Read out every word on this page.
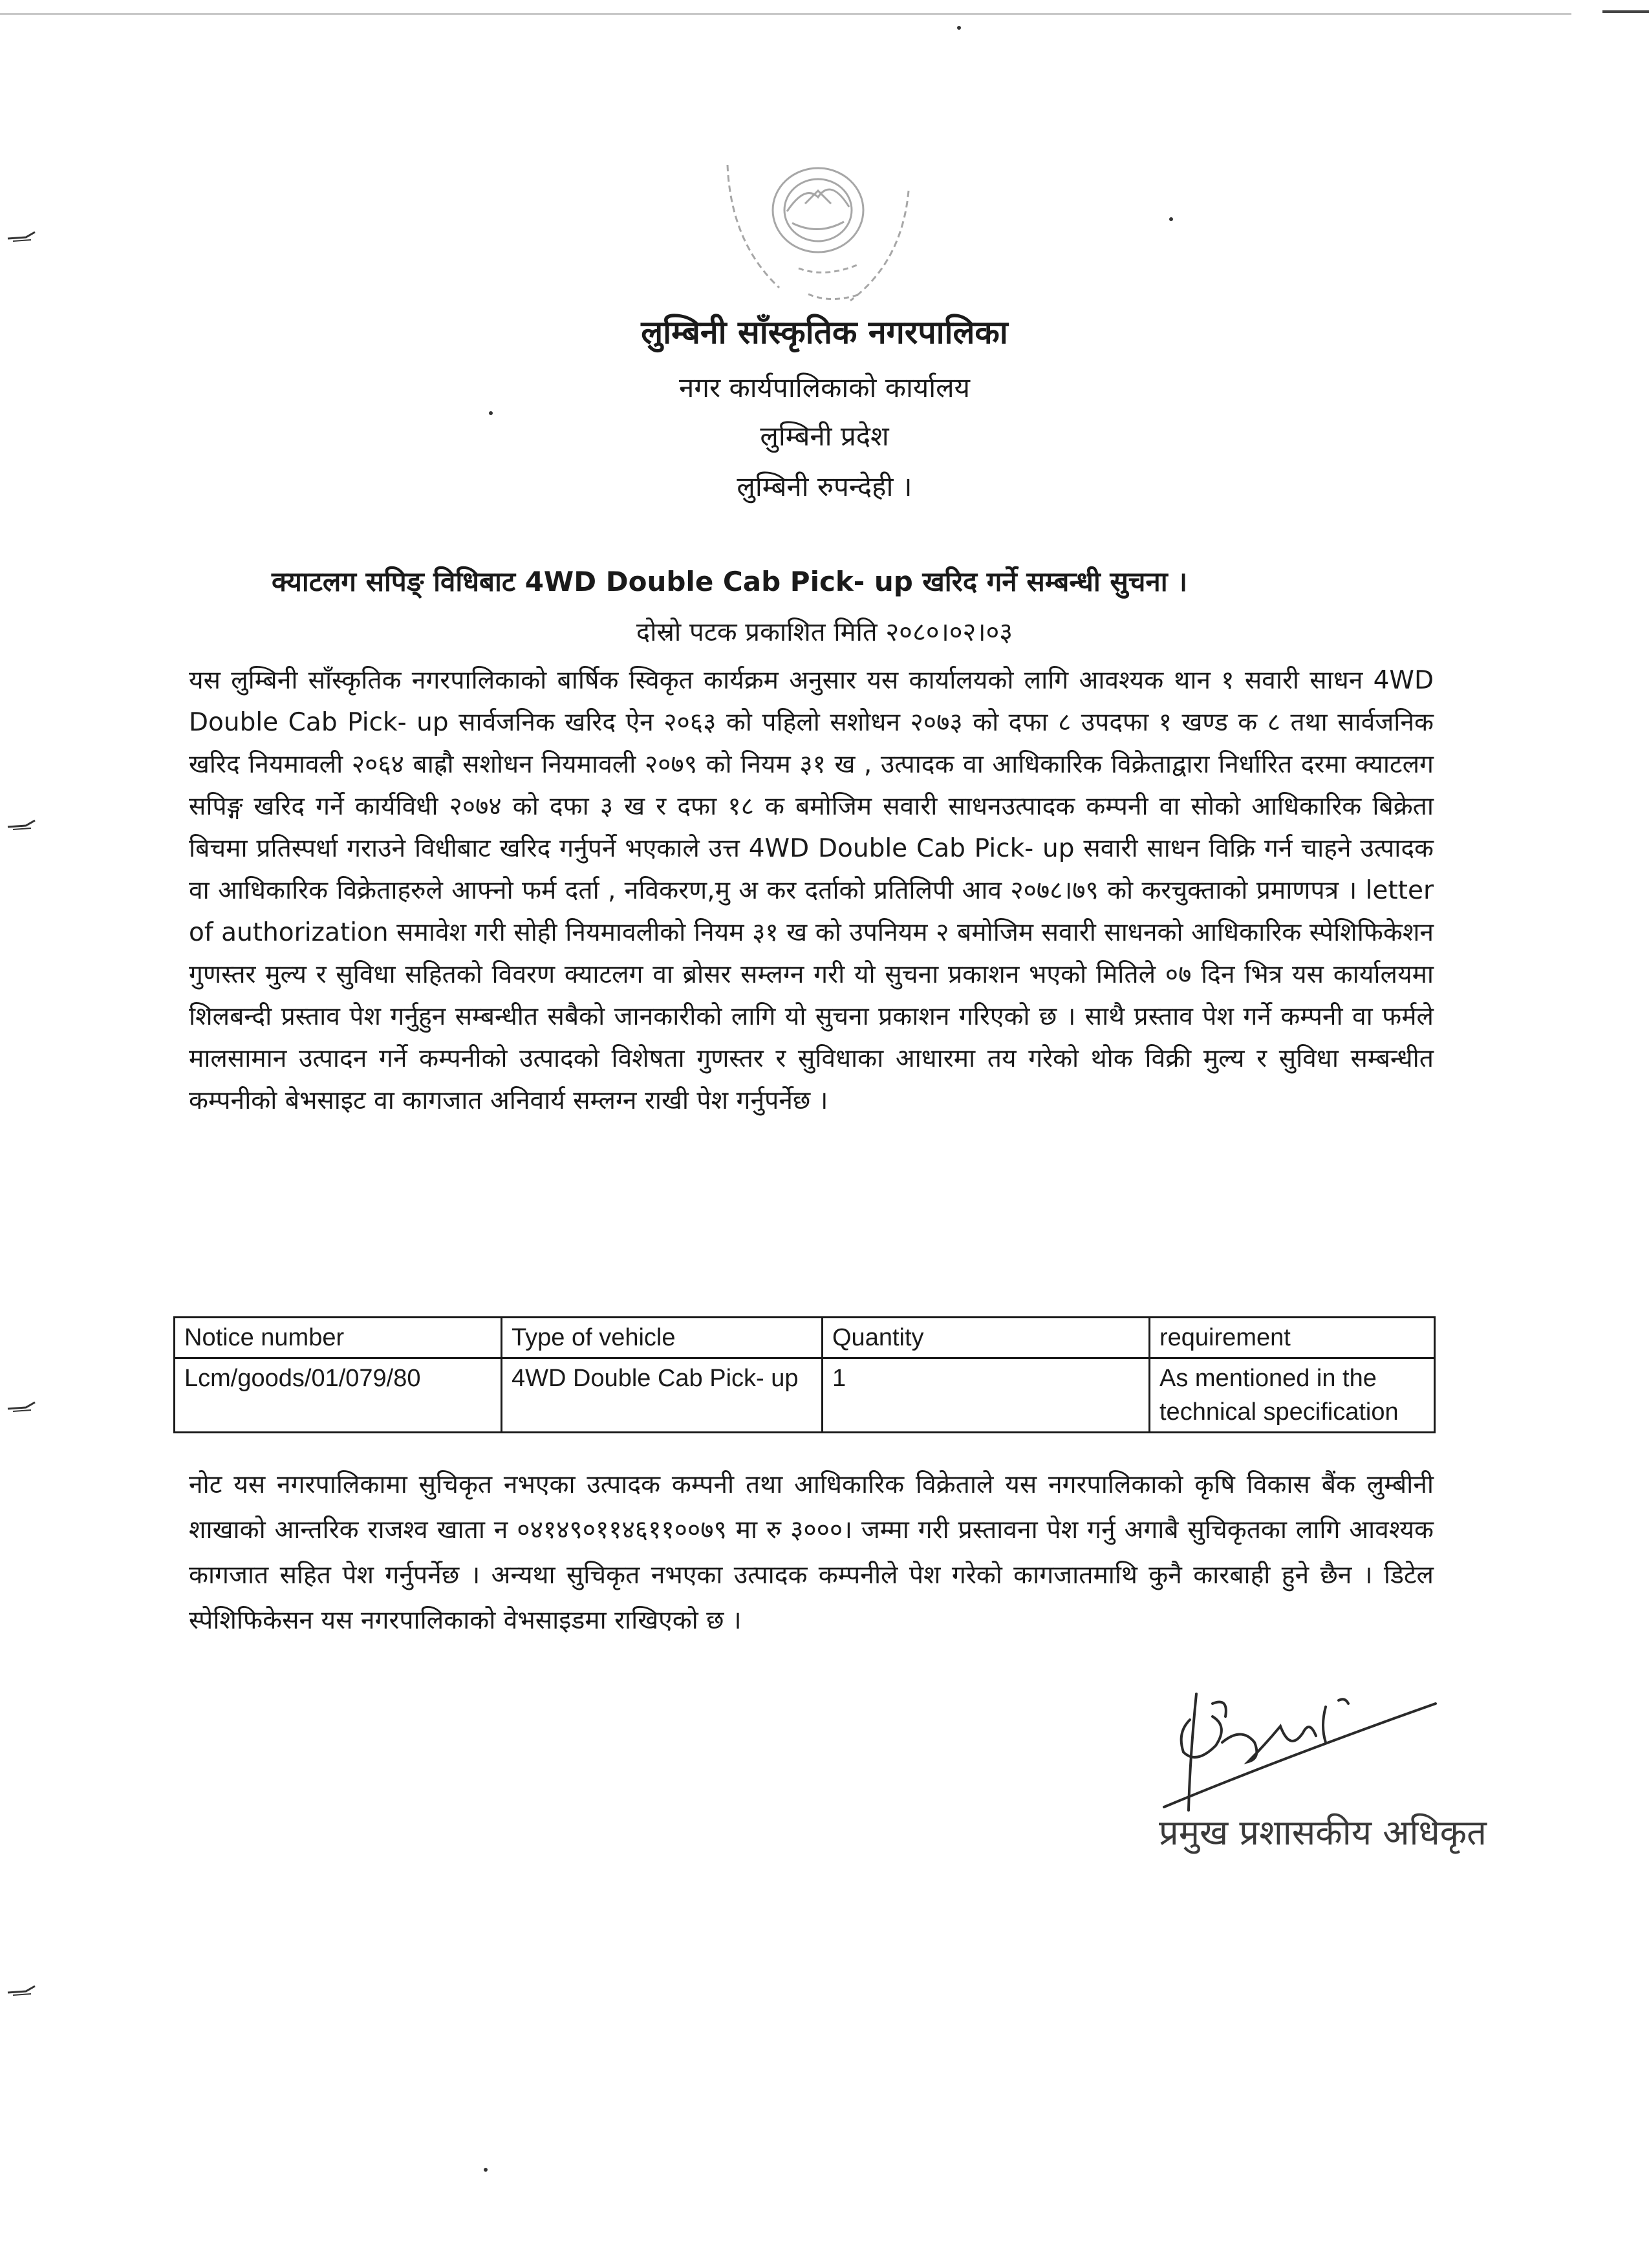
लुम्बिनी साँस्कृतिक नगरपालिका
नगर कार्यपालिकाको कार्यालय
लुम्बिनी प्रदेश
लुम्बिनी रुपन्देही ।
क्याटलग सपिङ् विधिबाट 4WD Double Cab Pick- up खरिद गर्ने सम्बन्धी सुचना ।
दोस्रो पटक प्रकाशित मिति २०८०।०२।०३

यस लुम्बिनी साँस्कृतिक नगरपालिकाको बार्षिक स्विकृत कार्यक्रम अनुसार यस कार्यालयको लागि आवश्यक थान १ सवारी साधन 4WD Double Cab Pick- up सार्वजनिक खरिद ऐन २०६३ को पहिलो सशोधन २०७३ को दफा ८ उपदफा १ खण्ड क ८ तथा सार्वजनिक खरिद नियमावली २०६४ बाह्रौ सशोधन नियमावली २०७९ को नियम ३१ ख , उत्पादक वा आधिकारिक विक्रेताद्वारा निर्धारित दरमा क्याटलग सपिङ्ग खरिद गर्ने कार्यविधी २०७४ को दफा ३ ख र दफा १८ क बमोजिम सवारी साधनउत्पादक कम्पनी वा सोको आधिकारिक बिक्रेता बिचमा प्रतिस्पर्धा गराउने विधीबाट खरिद गर्नुपर्ने भएकाले उत्त 4WD Double Cab Pick- up सवारी साधन विक्रि गर्न चाहने उत्पादक वा आधिकारिक विक्रेताहरुले आफ्नो फर्म दर्ता , नविकरण,मु अ कर दर्ताको प्रतिलिपी आव २०७८।७९ को करचुक्ताको प्रमाणपत्र । letter of authorization समावेश गरी सोही नियमावलीको नियम ३१ ख को उपनियम २ बमोजिम सवारी साधनको आधिकारिक स्पेशिफिकेशन गुणस्तर मुल्य र सुविधा सहितको विवरण क्याटलग वा ब्रोसर सम्लग्न गरी यो सुचना प्रकाशन भएको मितिले ०७ दिन भित्र यस कार्यालयमा शिलबन्दी प्रस्ताव पेश गर्नुहुन सम्बन्धीत सबैको जानकारीको लागि यो सुचना प्रकाशन गरिएको छ । साथै प्रस्ताव पेश गर्ने कम्पनी वा फर्मले मालसामान उत्पादन गर्ने कम्पनीको उत्पादको विशेषता गुणस्तर र सुविधाका आधारमा तय गरेको थोक विक्री मुल्य र सुविधा सम्बन्धीत कम्पनीको बेभसाइट वा कागजात अनिवार्य सम्लग्न राखी पेश गर्नुपर्नेछ ।

Notice number	Type of vehicle	Quantity	requirement
Lcm/goods/01/079/80	4WD Double Cab Pick- up	1	As mentioned in the technical specification

नोट यस नगरपालिकामा सुचिकृत नभएका उत्पादक कम्पनी तथा आधिकारिक विक्रेताले यस नगरपालिकाको कृषि विकास बैंक लुम्बीनी शाखाको आन्तरिक राजश्व खाता न ०४१४९०११४६११००७९ मा रु ३०००। जम्मा गरी प्रस्तावना पेश गर्नु अगाबै सुचिकृतका लागि आवश्यक कागजात सहित पेश गर्नुपर्नेछ । अन्यथा सुचिकृत नभएका उत्पादक कम्पनीले पेश गरेको कागजातमाथि कुनै कारबाही हुने छैन । डिटेल स्पेशिफिकेसन यस नगरपालिकाको वेभसाइडमा राखिएको छ ।

प्रमुख प्रशासकीय अधिकृत
